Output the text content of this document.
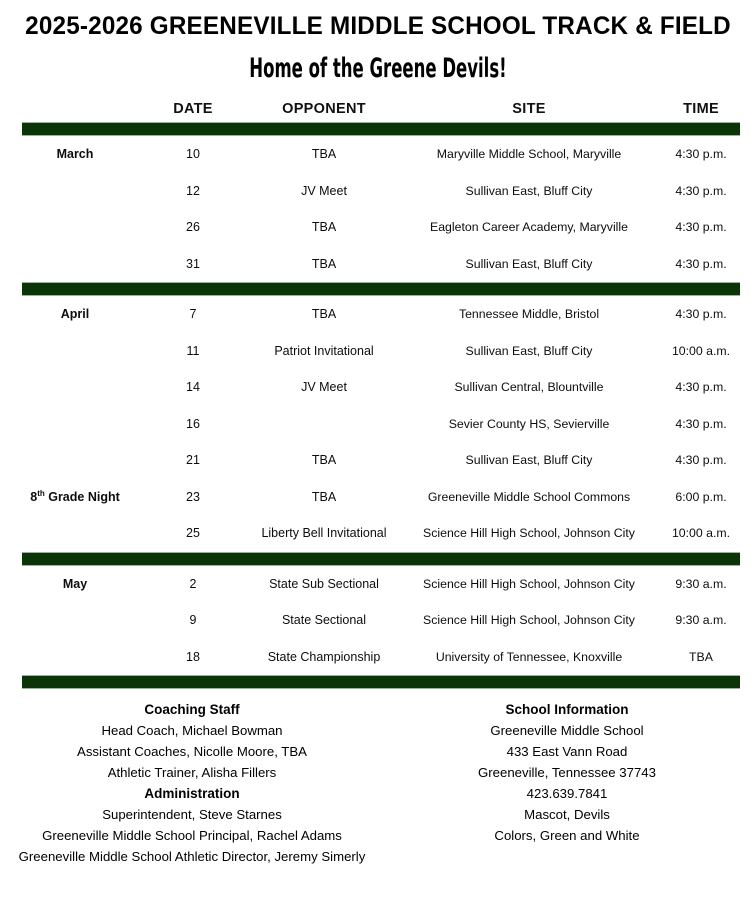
2025-2026 GREENEVILLE MIDDLE SCHOOL TRACK & FIELD
Home of the Greene Devils!
	DATE	OPPONENT	SITE	TIME

March	10	TBA	Maryville Middle School, Maryville	4:30 p.m.
	12	JV Meet	Sullivan East, Bluff City	4:30 p.m.
	26	TBA	Eagleton Career Academy, Maryville	4:30 p.m.
	31	TBA	Sullivan East, Bluff City	4:30 p.m.

April	7	TBA	Tennessee Middle, Bristol	4:30 p.m.
	11	Patriot Invitational	Sullivan East, Bluff City	10:00 a.m.
	14	JV Meet	Sullivan Central, Blountville	4:30 p.m.
	16		Sevier County HS, Sevierville	4:30 p.m.
	21	TBA	Sullivan East, Bluff City	4:30 p.m.
8th Grade Night	23	TBA	Greeneville Middle School Commons	6:00 p.m.
	25	Liberty Bell Invitational	Science Hill High School, Johnson City	10:00 a.m.

May	2	State Sub Sectional	Science Hill High School, Johnson City	9:30 a.m.
	9	State Sectional	Science Hill High School, Johnson City	9:30 a.m.
	18	State Championship	University of Tennessee, Knoxville	TBA

Coaching Staff
Head Coach, Michael Bowman
Assistant Coaches, Nicolle Moore, TBA
Athletic Trainer, Alisha Fillers
Administration
Superintendent, Steve Starnes
Greeneville Middle School Principal, Rachel Adams
Greeneville Middle School Athletic Director, Jeremy Simerly
School Information
Greeneville Middle School
433 East Vann Road
Greeneville, Tennessee 37743
423.639.7841
Mascot, Devils
Colors, Green and White
